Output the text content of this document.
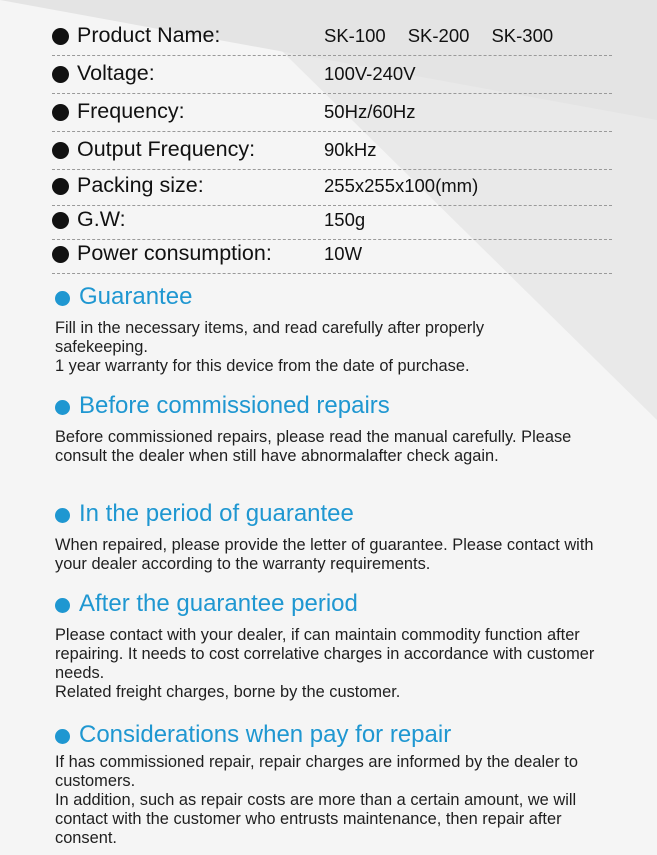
Product Name:	SK-100 SK-200 SK-300
Voltage:	100V-240V
Frequency:	50Hz/60Hz
Output Frequency:	90kHz
Packing size:	255x255x100(mm)
G.W:	150g
Power consumption:	10W
Guarantee

Fill in the necessary items, and read carefully after properly safekeeping.

1 year warranty for this device from the date of purchase.

Before commissioned repairs

Before commissioned repairs, please read the manual carefully. Please consult the dealer when still have abnormalafter check again.

In the period of guarantee

When repaired, please provide the letter of guarantee. Please contact with your dealer according to the warranty requirements.

After the guarantee period

Please contact with your dealer, if can maintain commodity function after repairing. It needs to cost correlative charges in accordance with customer needs.

Related freight charges, borne by the customer.

Considerations when pay for repair

If has commissioned repair, repair charges are informed by the dealer to customers.

In addition, such as repair costs are more than a certain amount, we will contact with the customer who entrusts maintenance, then repair after consent.
